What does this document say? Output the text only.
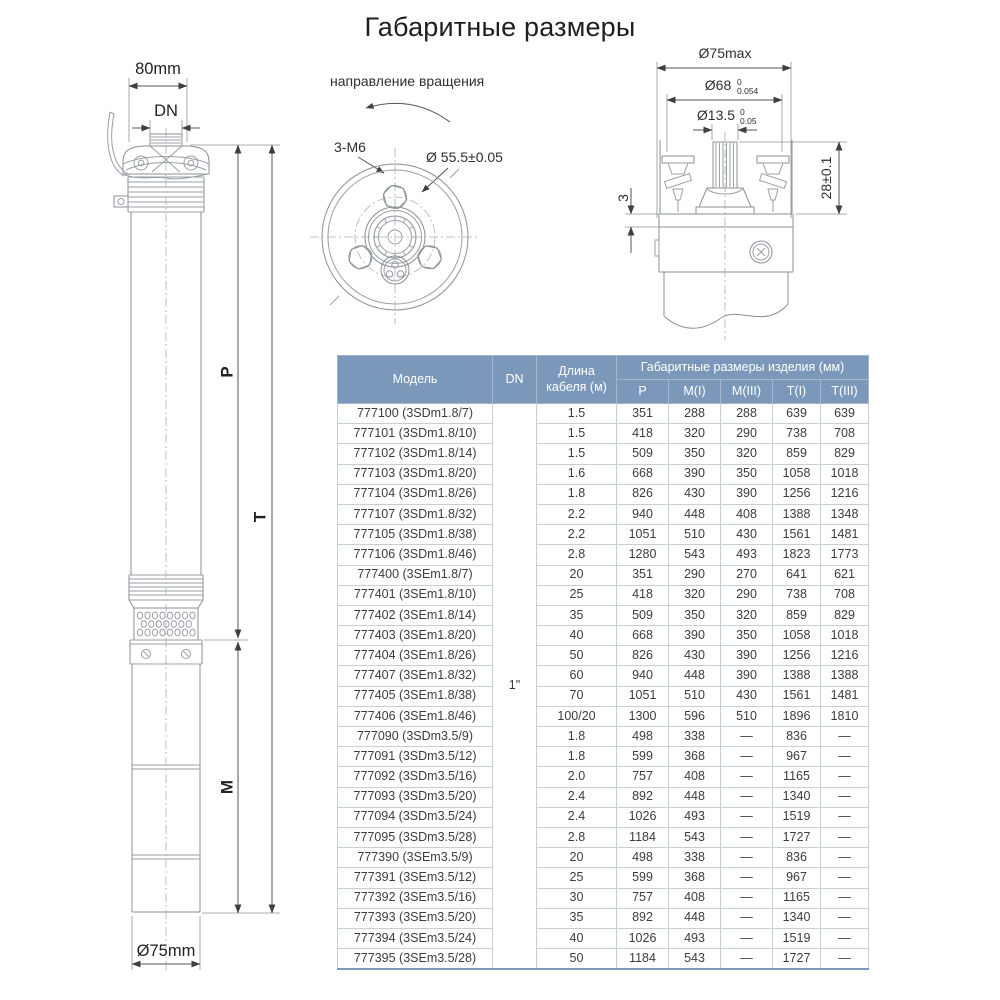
Габаритные размеры
80mm
DN
Ø75mm
P
T
M
направление вращения
3-M6
Ø 55.5±0.05
Ø75max
Ø68 0
0.054
Ø13.5 0
0.05
28±0.1
3
Модель	DN	Длина кабеля (м)	Габаритные размеры изделия (мм)				
			P	M(I)	M(III)	T(I)	T(III)
777100 (3SDm1.8/7)	1"	1.5	351	288	288	639	639
777101 (3SDm1.8/10)		1.5	418	320	290	738	708
777102 (3SDm1.8/14)		1.5	509	350	320	859	829
777103 (3SDm1.8/20)		1.6	668	390	350	1058	1018
777104 (3SDm1.8/26)		1.8	826	430	390	1256	1216
777107 (3SDm1.8/32)		2.2	940	448	408	1388	1348
777105 (3SDm1.8/38)		2.2	1051	510	430	1561	1481
777106 (3SDm1.8/46)		2.8	1280	543	493	1823	1773
777400 (3SEm1.8/7)		20	351	290	270	641	621
777401 (3SEm1.8/10)		25	418	320	290	738	708
777402 (3SEm1.8/14)		35	509	350	320	859	829
777403 (3SEm1.8/20)		40	668	390	350	1058	1018
777404 (3SEm1.8/26)		50	826	430	390	1256	1216
777407 (3SEm1.8/32)		60	940	448	390	1388	1388
777405 (3SEm1.8/38)		70	1051	510	430	1561	1481
777406 (3SEm1.8/46)		100/20	1300	596	510	1896	1810
777090 (3SDm3.5/9)		1.8	498	338	—	836	—
777091 (3SDm3.5/12)		1.8	599	368	—	967	—
777092 (3SDm3.5/16)		2.0	757	408	—	1165	—
777093 (3SDm3.5/20)		2.4	892	448	—	1340	—
777094 (3SDm3.5/24)		2.4	1026	493	—	1519	—
777095 (3SDm3.5/28)		2.8	1184	543	—	1727	—
777390 (3SEm3.5/9)		20	498	338	—	836	—
777391 (3SEm3.5/12)		25	599	368	—	967	—
777392 (3SEm3.5/16)		30	757	408	—	1165	—
777393 (3SEm3.5/20)		35	892	448	—	1340	—
777394 (3SEm3.5/24)		40	1026	493	—	1519	—
777395 (3SEm3.5/28)		50	1184	543	—	1727	—
